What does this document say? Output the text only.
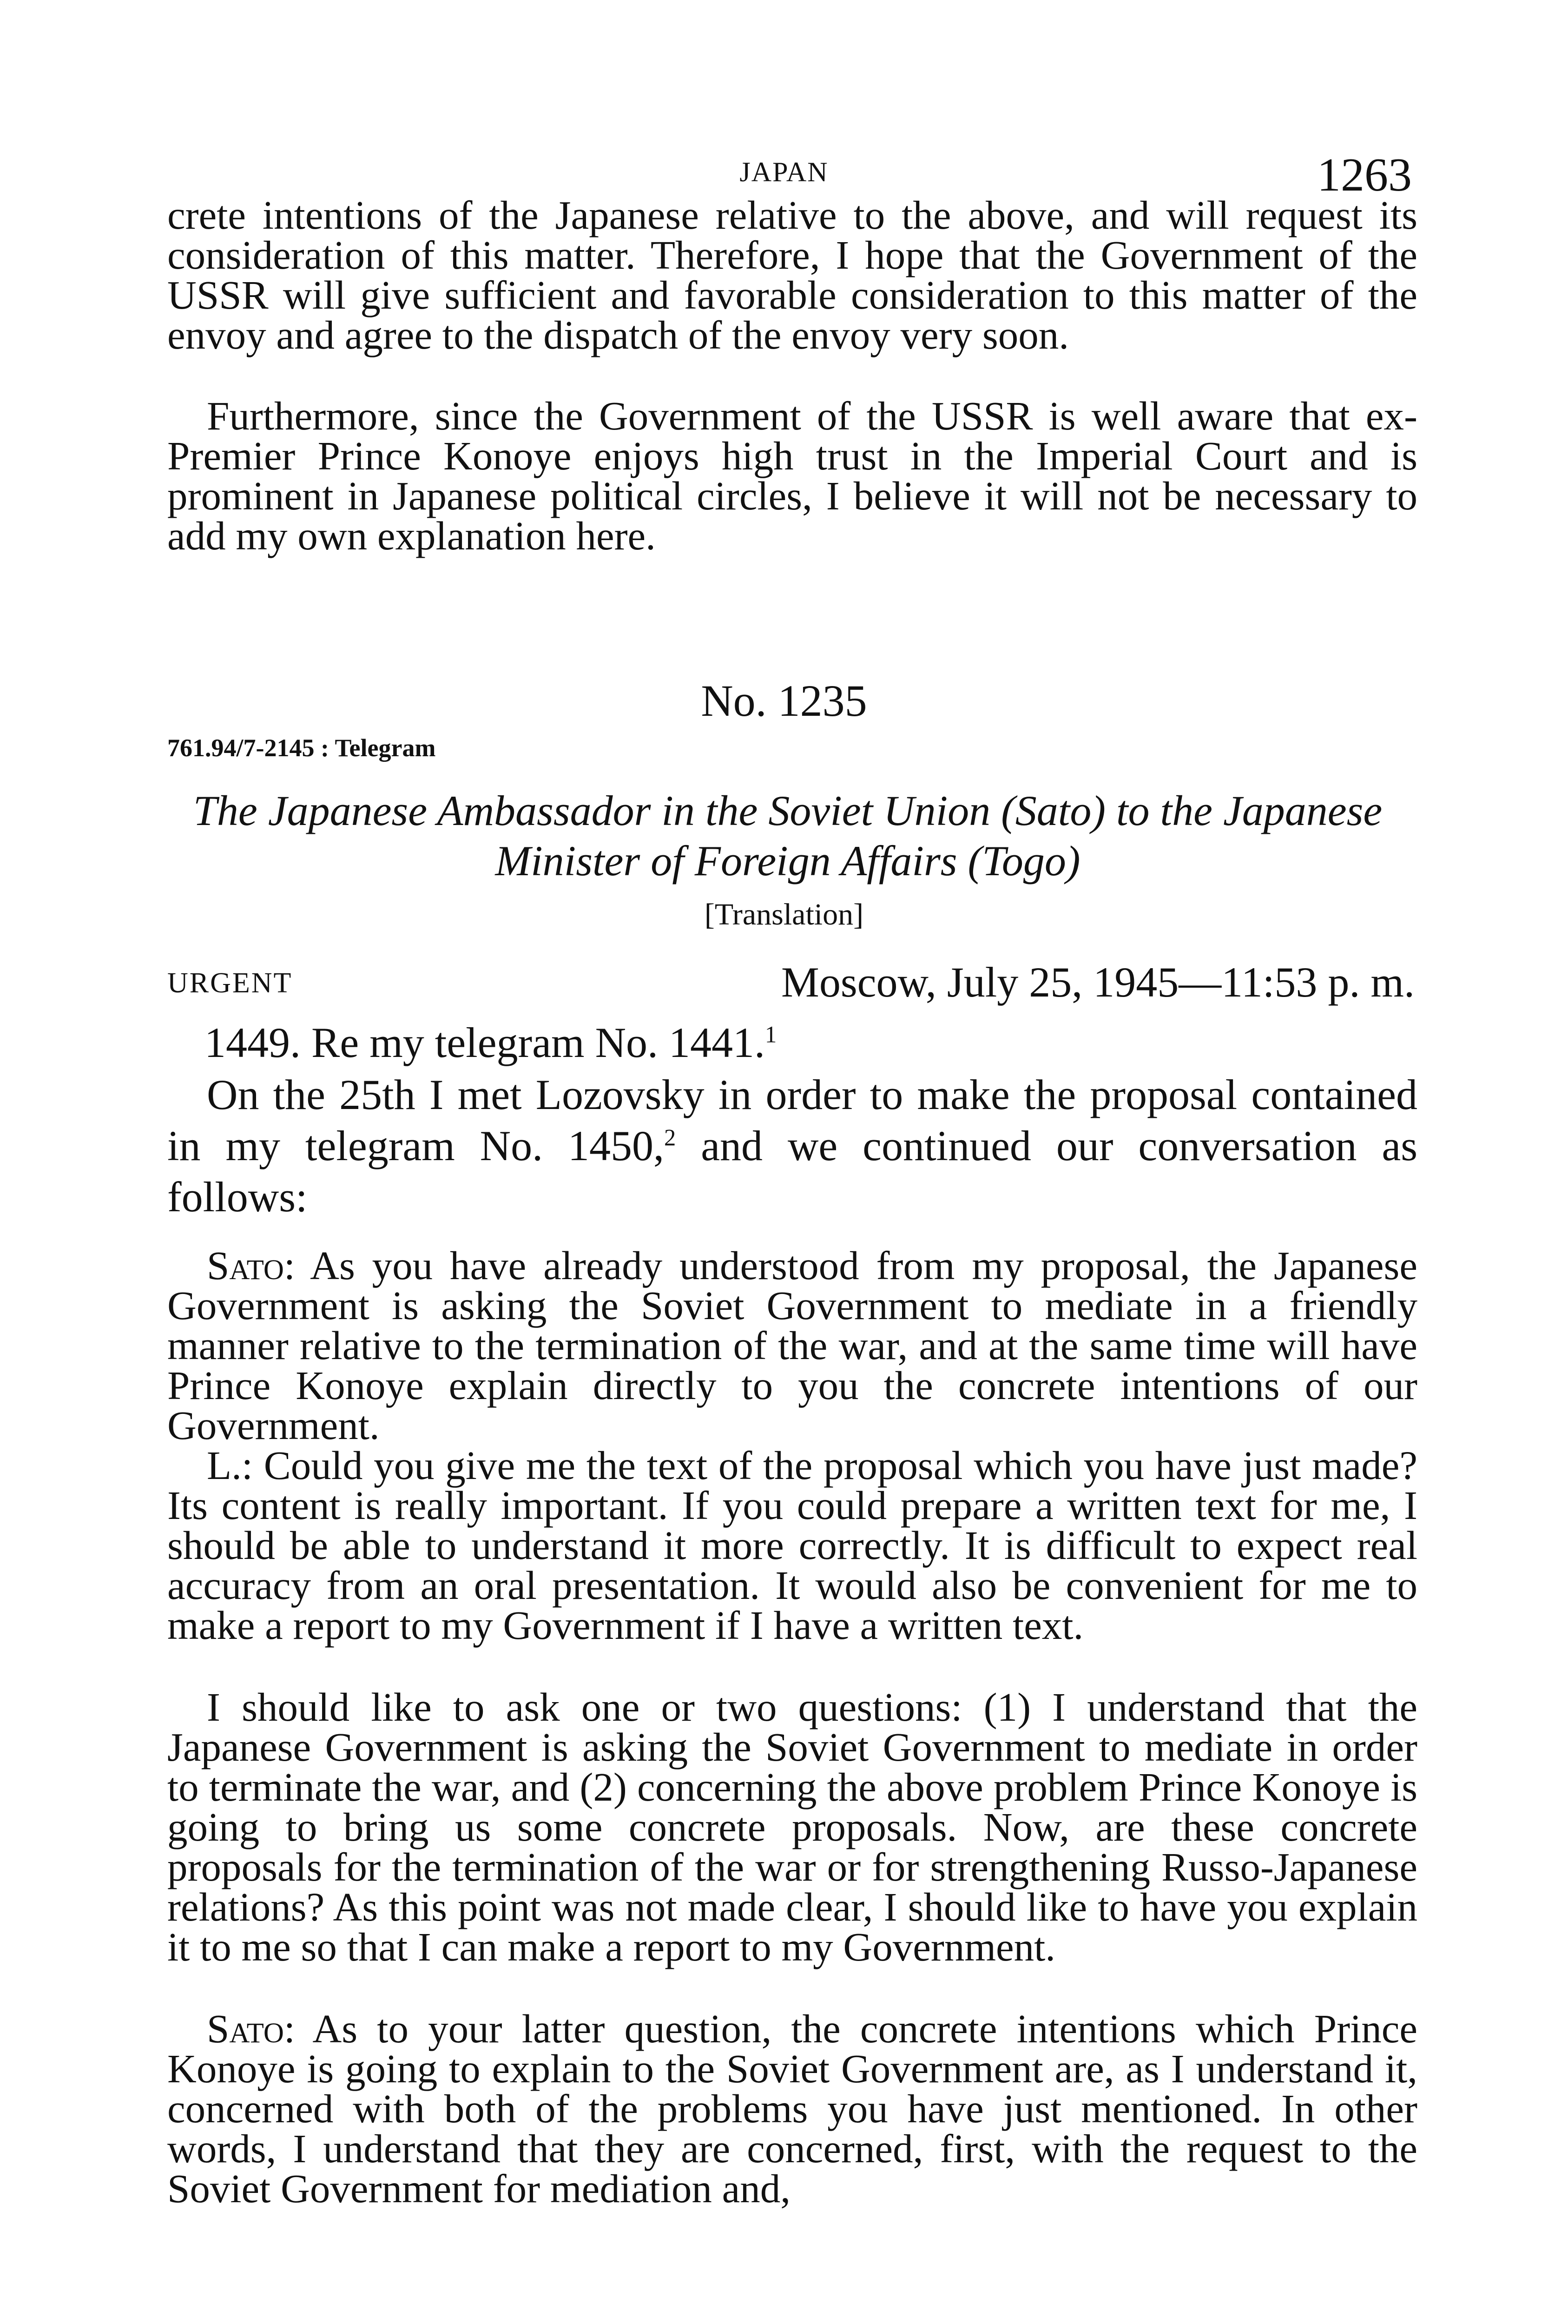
JAPAN	1263
crete intentions of the Japanese relative to the above, and will request its consideration of this matter. Therefore, I hope that the Government of the USSR will give sufficient and favorable consideration to this matter of the envoy and agree to the dispatch of the envoy very soon.
Furthermore, since the Government of the USSR is well aware that ex-Premier Prince Konoye enjoys high trust in the Imperial Court and is prominent in Japanese political circles, I believe it will not be necessary to add my own explanation here.
No. 1235
761.94/7-2145 : Telegram
The Japanese Ambassador in the Soviet Union (Sato) to the Japanese Minister of Foreign Affairs (Togo)
[Translation]
URGENT	Moscow, July 25, 1945—11:53 p. m.
1449. Re my telegram No. 1441.$^1$
On the 25th I met Lozovsky in order to make the proposal contained in my telegram No. 1450,$^2$ and we continued our conversation as follows:
Sato: As you have already understood from my proposal, the Japanese Government is asking the Soviet Government to mediate in a friendly manner relative to the termination of the war, and at the same time will have Prince Konoye explain directly to you the concrete intentions of our Government.
L.: Could you give me the text of the proposal which you have just made? Its content is really important. If you could prepare a written text for me, I should be able to understand it more correctly. It is difficult to expect real accuracy from an oral presentation. It would also be convenient for me to make a report to my Government if I have a written text.
I should like to ask one or two questions: (1) I understand that the Japanese Government is asking the Soviet Government to mediate in order to terminate the war, and (2) concerning the above problem Prince Konoye is going to bring us some concrete proposals. Now, are these concrete proposals for the termination of the war or for strengthening Russo-Japanese relations? As this point was not made clear, I should like to have you explain it to me so that I can make a report to my Government.
Sato: As to your latter question, the concrete intentions which Prince Konoye is going to explain to the Soviet Government are, as I understand it, concerned with both of the problems you have just mentioned. In other words, I understand that they are concerned, first, with the request to the Soviet Government for mediation and,
